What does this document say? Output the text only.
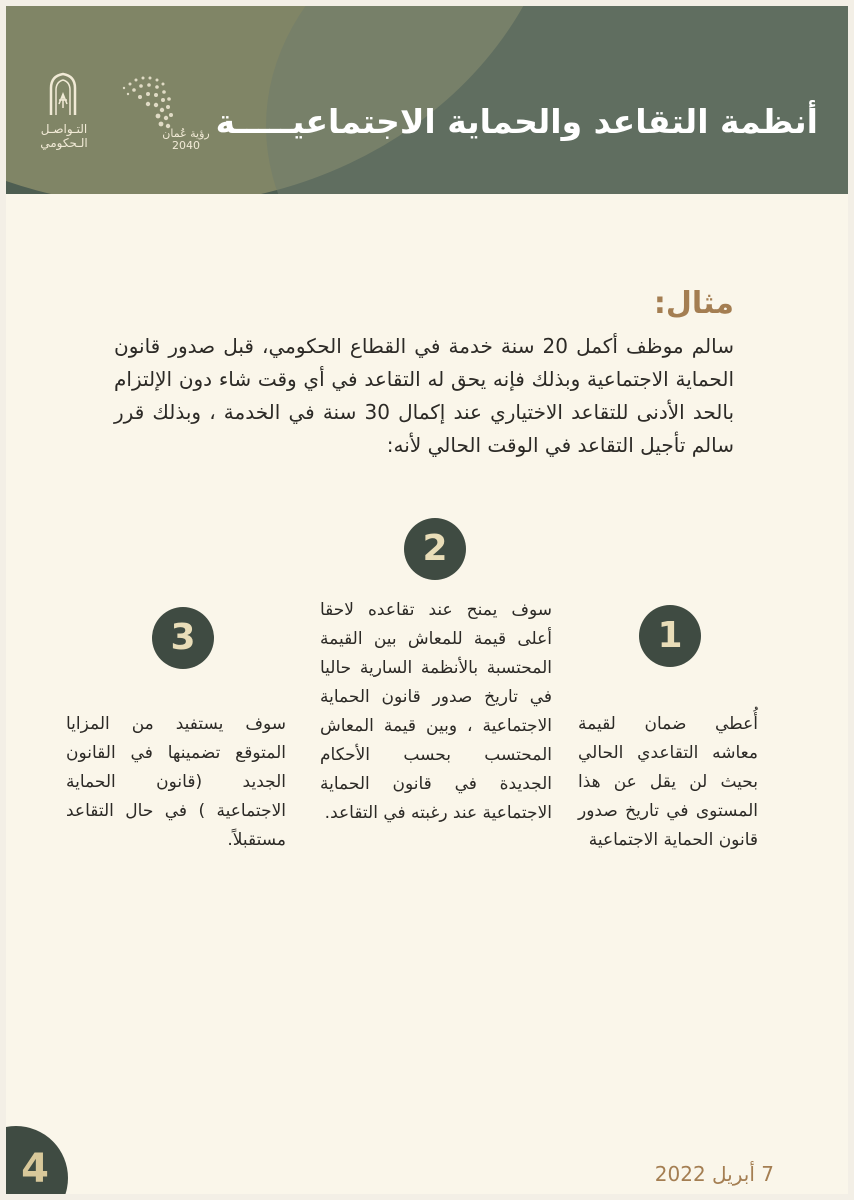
التـواصـل
الـحكومي
رؤية عُمان
2040
أنظمة التقاعد والحماية الاجتماعيـــــة
مثال:

سالم موظف أكمل 20 سنة خدمة في القطاع الحكومي، قبل صدور قانون الحماية الاجتماعية وبذلك فإنه يحق له التقاعد في أي وقت شاء دون الإلتزام بالحد الأدنى للتقاعد الاختياري عند إكمال 30 سنة في الخدمة ، وبذلك قرر سالم تأجيل التقاعد في الوقت الحالي لأنه:

1
2
3

أُعطي ضمان لقيمة معاشه التقاعدي الحالي بحيث لن يقل عن هذا المستوى في تاريخ صدور قانون الحماية الاجتماعية

سوف يمنح عند تقاعده لاحقا أعلى قيمة للمعاش بين القيمة المحتسبة بالأنظمة السارية حاليا في تاريخ صدور قانون الحماية الاجتماعية ، وبين قيمة المعاش المحتسب بحسب الأحكام الجديدة في قانون الحماية الاجتماعية عند رغبته في التقاعد.

سوف يستفيد من المزايا المتوقع تضمينها في القانون الجديد (قانون الحماية الاجتماعية ) في حال التقاعد مستقبلاً.

4	7 أبريل 2022
